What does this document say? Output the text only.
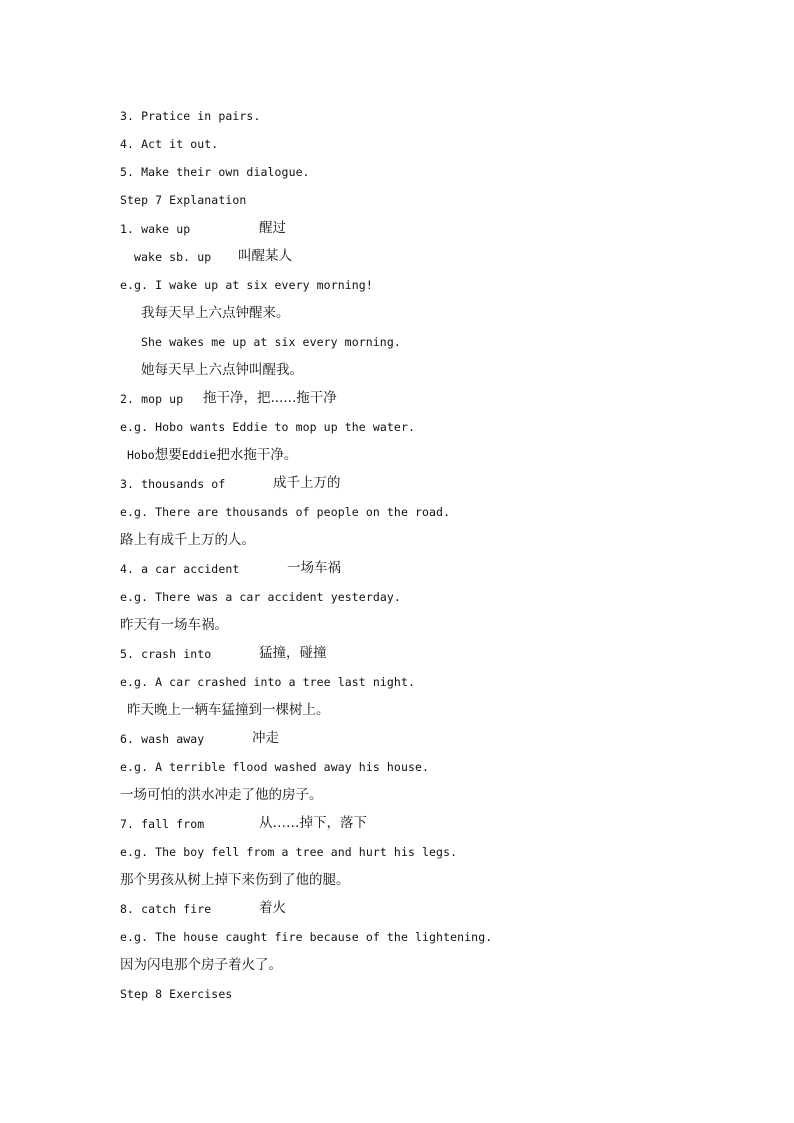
3. Pratice in pairs.
4. Act it out.
5. Make their own dialogue.
Step 7 Explanation
1. wake up	醒过
wake sb. up 叫醒某人
e.g. I wake up at six every morning!
我每天早上六点钟醒来。
She wakes me up at six every morning.
她每天早上六点钟叫醒我。
2. mop up 拖干净，把......拖干净
e.g. Hobo wants Eddie to mop up the water.
Hobo想要Eddie把水拖干净。
3. thousands of	成千上万的
e.g. There are thousands of people on the road.
路上有成千上万的人。
4. a car accident	一场车祸
e.g. There was a car accident yesterday.
昨天有一场车祸。
5. crash into	猛撞，碰撞
e.g. A car crashed into a tree last night.
昨天晚上一辆车猛撞到一棵树上。
6. wash away	冲走
e.g. A terrible flood washed away his house.
一场可怕的洪水冲走了他的房子。
7. fall from	从……掉下，落下
e.g. The boy fell from a tree and hurt his legs.
那个男孩从树上掉下来伤到了他的腿。
8. catch fire	着火
e.g. The house caught fire because of the lightening.
因为闪电那个房子着火了。
Step 8 Exercises
